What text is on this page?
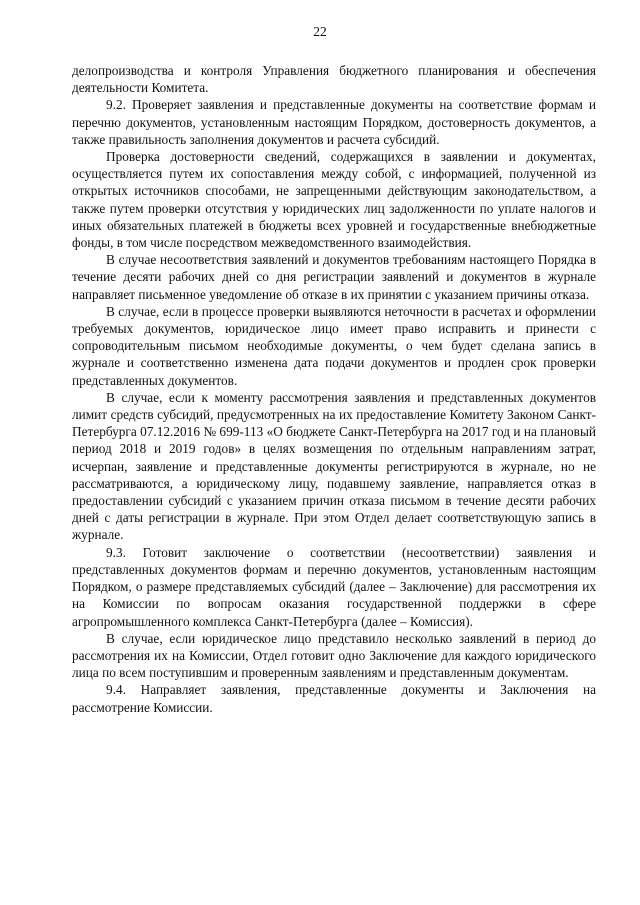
22

делопроизводства и контроля Управления бюджетного планирования и обеспечения деятельности Комитета.

9.2. Проверяет заявления и представленные документы на соответствие формам и перечню документов, установленным настоящим Порядком, достоверность документов, а также правильность заполнения документов и расчета субсидий.

Проверка достоверности сведений, содержащихся в заявлении и документах, осуществляется путем их сопоставления между собой, с информацией, полученной из открытых источников способами, не запрещенными действующим законодательством, а также путем проверки отсутствия у юридических лиц задолженности по уплате налогов и иных обязательных платежей в бюджеты всех уровней и государственные внебюджетные фонды, в том числе посредством межведомственного взаимодействия.

В случае несоответствия заявлений и документов требованиям настоящего Порядка в течение десяти рабочих дней со дня регистрации заявлений и документов в журнале направляет письменное уведомление об отказе в их принятии с указанием причины отказа.

В случае, если в процессе проверки выявляются неточности в расчетах и оформлении требуемых документов, юридическое лицо имеет право исправить и принести с сопроводительным письмом необходимые документы, о чем будет сделана запись в журнале и соответственно изменена дата подачи документов и продлен срок проверки представленных документов.

В случае, если к моменту рассмотрения заявления и представленных документов лимит средств субсидий, предусмотренных на их предоставление Комитету Законом Санкт-Петербурга 07.12.2016 № 699-113 «О бюджете Санкт-Петербурга на 2017 год и на плановый период 2018 и 2019 годов» в целях возмещения по отдельным направлениям затрат, исчерпан, заявление и представленные документы регистрируются в журнале, но не рассматриваются, а юридическому лицу, подавшему заявление, направляется отказ в предоставлении субсидий с указанием причин отказа письмом в течение десяти рабочих дней с даты регистрации в журнале. При этом Отдел делает соответствующую запись в журнале.

9.3. Готовит заключение о соответствии (несоответствии) заявления и представленных документов формам и перечню документов, установленным настоящим Порядком, о размере представляемых субсидий (далее – Заключение) для рассмотрения их на Комиссии по вопросам оказания государственной поддержки в сфере агропромышленного комплекса Санкт-Петербурга (далее – Комиссия).

В случае, если юридическое лицо представило несколько заявлений в период до рассмотрения их на Комиссии, Отдел готовит одно Заключение для каждого юридического лица по всем поступившим и проверенным заявлениям и представленным документам.

9.4. Направляет заявления, представленные документы и Заключения на рассмотрение Комиссии.
